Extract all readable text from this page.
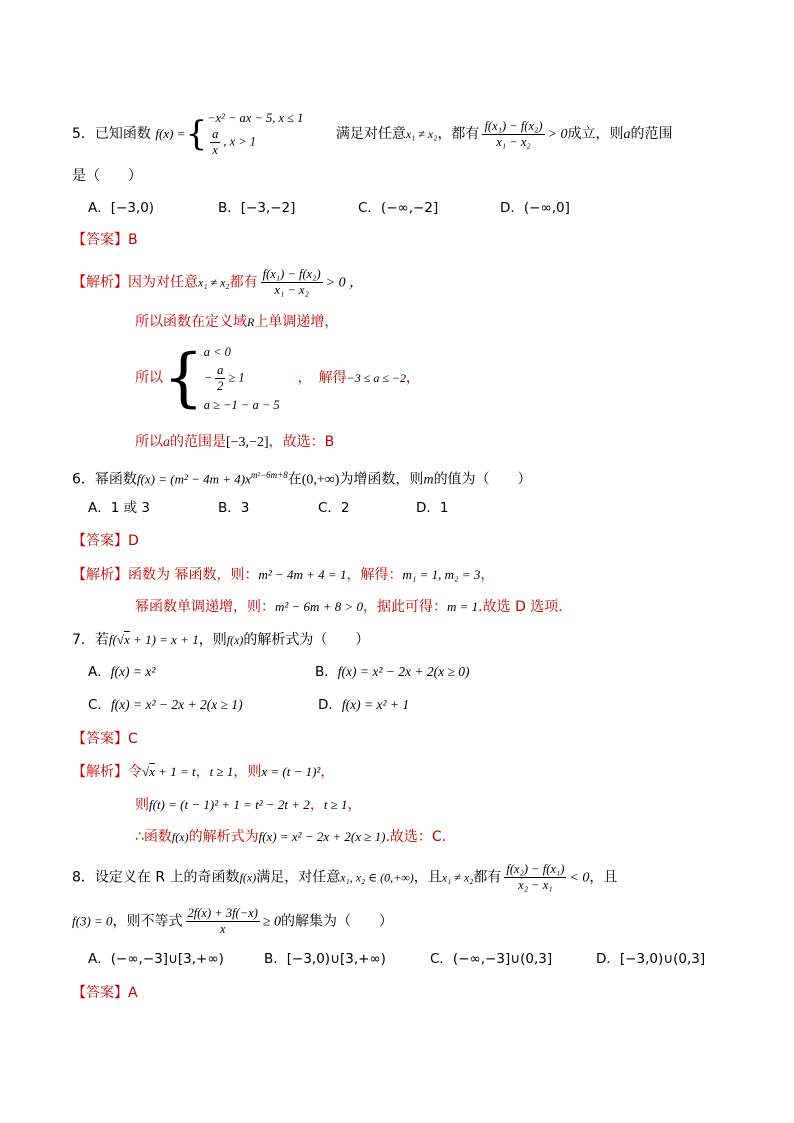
5．已知函数 f(x) ={ −x² − ax − 5, x ≤ 1
$\frac{a}{x}$ , x > 1	满足对任意x₁ ≠ x₂，都有 $\frac{\text{f(x₁) − f(x₂)}}{\text{x₁ − x₂}} > 0$成立，则a的范围
是（　　）
A．[−3,0)	B．[−3,−2]	C．(−∞,−2]	D．(−∞,0]
【答案】B
【解析】因为对任意x₁ ≠ x₂都有 $\frac{\text{f(x₁) − f(x₂)}}{\text{x₁ − x₂}} > 0$ ，
所以函数在定义域R上单调递增，
所以{ a < 0
− $\frac{a}{2} \ge 1$
a ≥ −1 − a − 5
，　解得−3 ≤ a ≤ −2，
所以a的范围是[−3,−2]，故选：B
6．幂函数$f(x) = (m^2 - 4m + 4)x^{m^2-6m+8}$在(0,+∞)为增函数，则m的值为（　　）
A．1 或 3	B．3	C．2	D．1
【答案】D
【解析】函数为 幂函数，则：m² − 4m + 4 = 1，解得：m₁ = 1, m₂ = 3，
幂函数单调递增，则：m² − 6m + 8 > 0，据此可得：m = 1.故选 D 选项.
7．若f(√x + 1) = x + 1，则f(x)的解析式为（　　）
A．f(x) = x²	B．f(x) = x² − 2x + 2(x ≥ 0)
C．f(x) = x² − 2x + 2(x ≥ 1)	D．f(x) = x² + 1
【答案】C
【解析】令√x + 1 = t，t ≥ 1，则x = (t − 1)²，
则f(t) = (t − 1)² + 1 = t² − 2t + 2，t ≥ 1，
∴函数f(x)的解析式为f(x) = x² − 2x + 2(x ≥ 1).故选：C.
8．设定义在 R 上的奇函数f(x)满足，对任意x₁, x₂ ∈ (0,+∞)，且x₁ ≠ x₂都有 $\frac{\text{f(x₂) − f(x₁)}}{\text{x₂ − x₁}} < 0$，且
f(3) = 0，则不等式 $\frac{2f(x) + 3f(-x)}{x} \ge 0$的解集为（　　）
A．(−∞,−3]∪[3,+∞)	B．[−3,0)∪[3,+∞)	C．(−∞,−3]∪(0,3]	D．[−3,0)∪(0,3]
【答案】A
